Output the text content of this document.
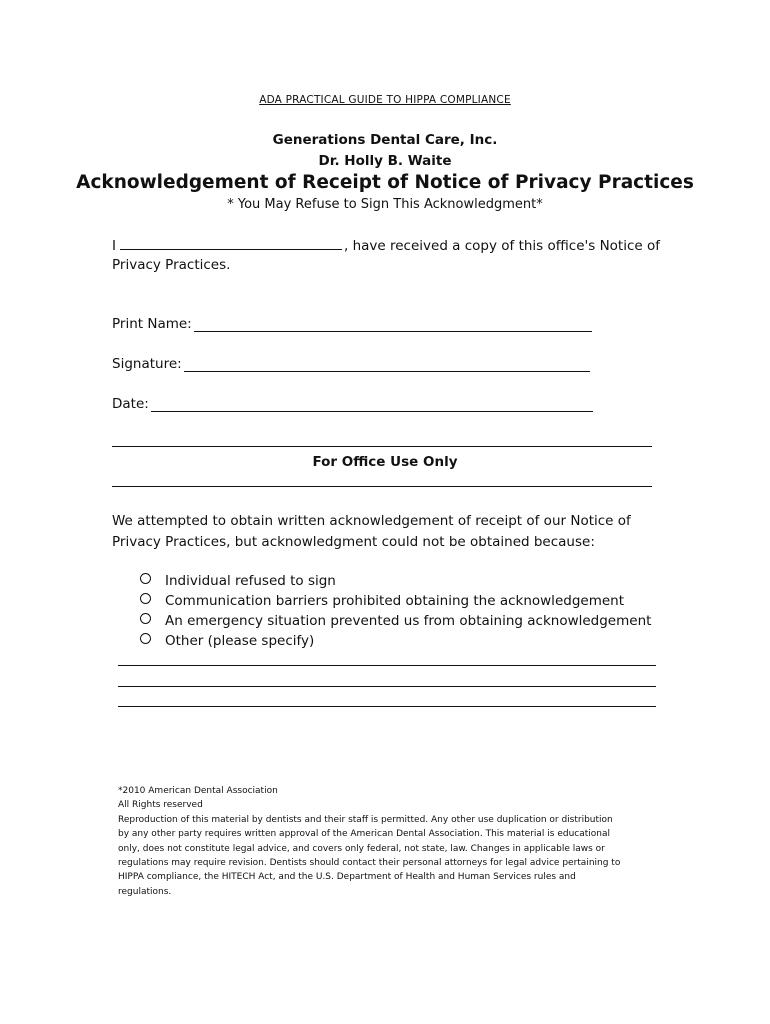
ADA PRACTICAL GUIDE TO HIPPA COMPLIANCE
Generations Dental Care, Inc.
Dr. Holly B. Waite
Acknowledgement of Receipt of Notice of Privacy Practices
* You May Refuse to Sign This Acknowledgment*
I	, have received a copy of this office's Notice of
Privacy Practices.
Print Name:
Signature:
Date:
For Office Use Only
We attempted to obtain written acknowledgement of receipt of our Notice of
Privacy Practices, but acknowledgment could not be obtained because:
Individual refused to sign
Communication barriers prohibited obtaining the acknowledgement
An emergency situation prevented us from obtaining acknowledgement
Other (please specify)
*2010 American Dental Association
All Rights reserved
Reproduction of this material by dentists and their staff is permitted. Any other use duplication or distribution
by any other party requires written approval of the American Dental Association. This material is educational
only, does not constitute legal advice, and covers only federal, not state, law. Changes in applicable laws or
regulations may require revision. Dentists should contact their personal attorneys for legal advice pertaining to
HIPPA compliance, the HITECH Act, and the U.S. Department of Health and Human Services rules and
regulations.
